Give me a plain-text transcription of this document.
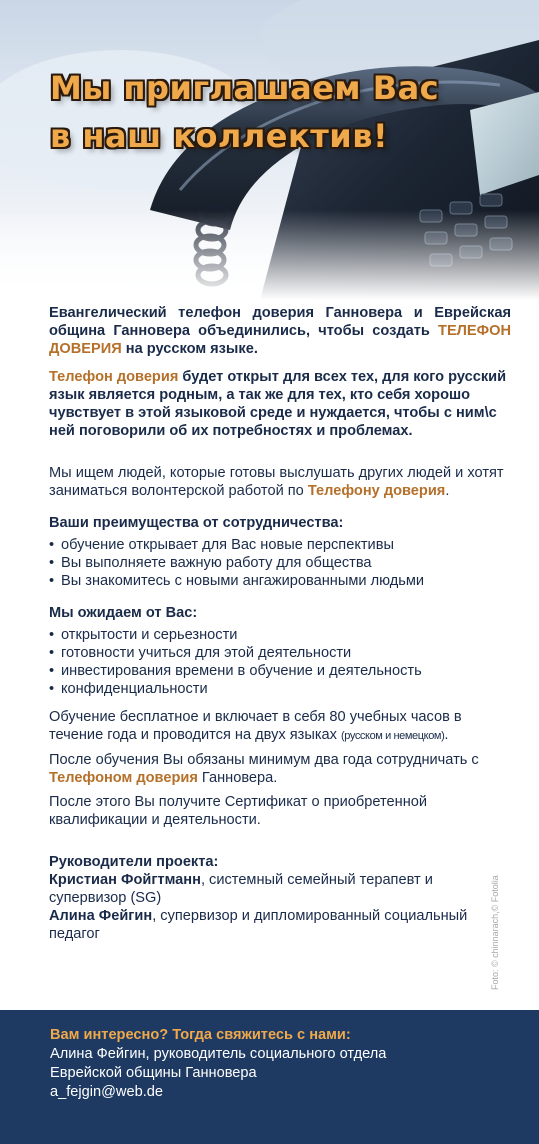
Мы приглашаем Вас
в наш коллектив!

Евангелический телефон доверия Ганновера и Еврейская община Ганновера объединились, чтобы создать ТЕЛЕФОН ДОВЕРИЯ на русском языке.

Телефон доверия будет открыт для всех тех, для кого русский язык является родным, а так же для тех, кто себя хорошо чувствует в этой языковой среде и нуждается, чтобы с ним\с ней поговорили об их потребностях и проблемах.

Мы ищем людей, которые готовы выслушать других людей и хотят заниматься волонтерской работой по Телефону доверия.

Ваши преимущества от сотрудничества:

• обучение открывает для Вас новые перспективы
• Вы выполняете важную работу для общества
• Вы знакомитесь с новыми ангажированными людьми

Мы ожидаем от Вас:

• открытости и серьезности
• готовности учиться для этой деятельности
• инвестирования времени в обучение и деятельность
• конфиденциальности

Обучение бесплатное и включает в себя 80 учебных часов в течение года и проводится на двух языках (русском и немецком).

После обучения Вы обязаны минимум два года сотрудничать с Телефоном доверия Ганновера.

После этого Вы получите Сертификат о приобретенной квалификации и деятельности.

Руководители проекта:

Кристиан Фойгтманн, системный семейный терапевт и супервизор (SG)

Алина Фейгин, супервизор и дипломированный социальный педагог	Foto: © chinnarach,© Fotolia
Вам интересно? Тогда свяжитесь с нами:
Алина Фейгин, руководитель социального отдела
Еврейской общины Ганновера
a_fejgin@web.de
